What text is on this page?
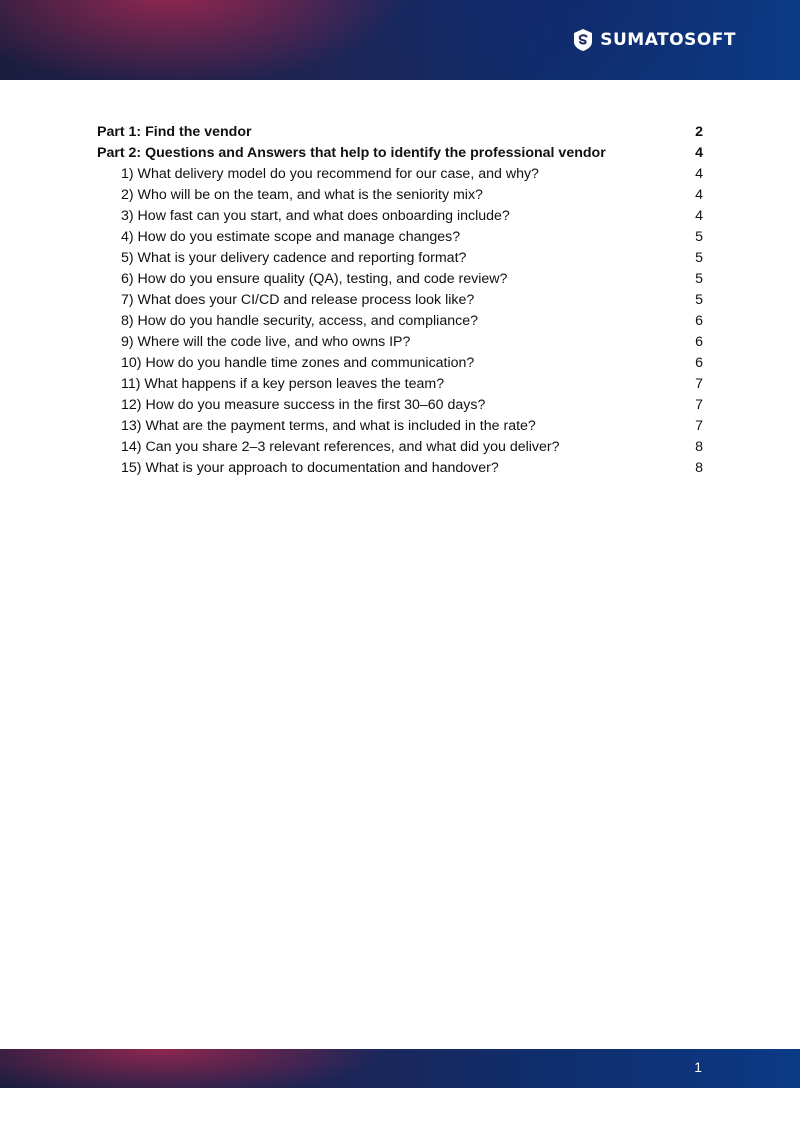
SUMATOSOFT
Part 1: Find the vendor	2
Part 2: Questions and Answers that help to identify the professional vendor	4
1) What delivery model do you recommend for our case, and why?	4
2) Who will be on the team, and what is the seniority mix?	4
3) How fast can you start, and what does onboarding include?	4
4) How do you estimate scope and manage changes?	5
5) What is your delivery cadence and reporting format?	5
6) How do you ensure quality (QA), testing, and code review?	5
7) What does your CI/CD and release process look like?	5
8) How do you handle security, access, and compliance?	6
9) Where will the code live, and who owns IP?	6
10) How do you handle time zones and communication?	6
11) What happens if a key person leaves the team?	7
12) How do you measure success in the first 30–60 days?	7
13) What are the payment terms, and what is included in the rate?	7
14) Can you share 2–3 relevant references, and what did you deliver?	8
15) What is your approach to documentation and handover?	8
1
